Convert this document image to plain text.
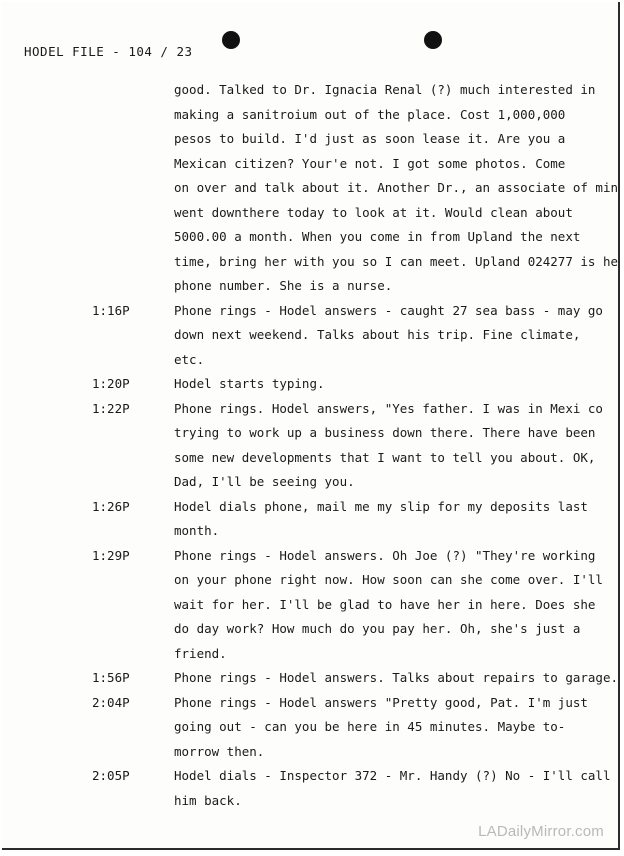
HODEL FILE - 104 / 23
good. Talked to Dr. Ignacia Renal (?) much interested in
making a sanitroium out of the place. Cost 1,000,000
pesos to build. I'd just as soon lease it. Are you a
Mexican citizen? Your'e not. I got some photos. Come
on over and talk about it. Another Dr., an associate of min
went downthere today to look at it. Would clean about
5000.00 a month. When you come in from Upland the next
time, bring her with you so I can meet. Upland 024277 is he
phone number. She is a nurse.
1:16P	Phone rings - Hodel answers - caught 27 sea bass - may go
down next weekend. Talks about his trip. Fine climate,
etc.
1:20P	Hodel starts typing.
1:22P	Phone rings. Hodel answers, "Yes father. I was in Mexi co
trying to work up a business down there. There have been
some new developments that I want to tell you about. OK,
Dad, I'll be seeing you.
1:26P	Hodel dials phone, mail me my slip for my deposits last
month.
1:29P	Phone rings - Hodel answers. Oh Joe (?) "They're working
on your phone right now. How soon can she come over. I'll
wait for her. I'll be glad to have her in here. Does she
do day work? How much do you pay her. Oh, she's just a
friend.
1:56P	Phone rings - Hodel answers. Talks about repairs to garage.
2:04P	Phone rings - Hodel answers "Pretty good, Pat. I'm just
going out - can you be here in 45 minutes. Maybe to-
morrow then.
2:05P	Hodel dials - Inspector 372 - Mr. Handy (?) No - I'll call
him back.
LADailyMirror.com
